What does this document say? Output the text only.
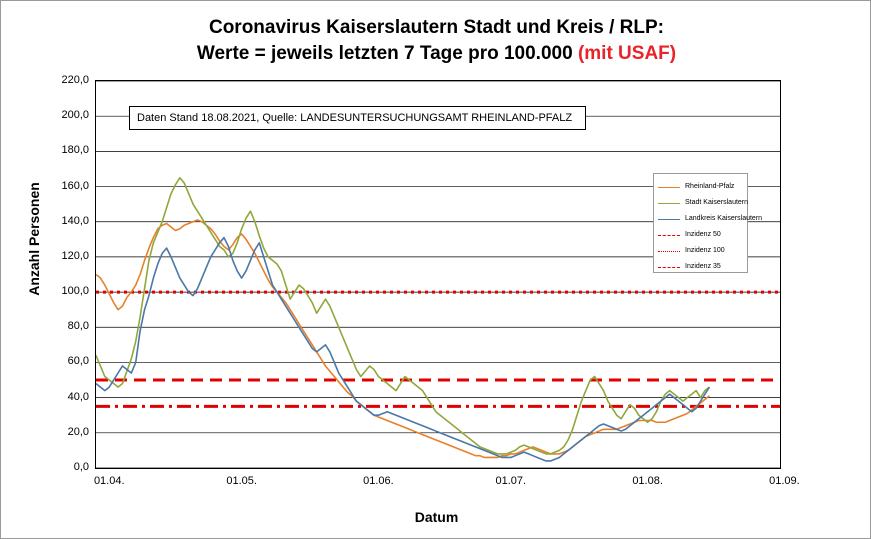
Coronavirus Kaiserslautern Stadt und Kreis / RLP:
Werte = jeweils letzten 7 Tage pro 100.000 (mit USAF)
Anzahl Personen
Datum
Daten Stand 18.08.2021, Quelle: LANDESUNTERSUCHUNGSAMT RHEINLAND-PFALZ
Rheinland-Pfalz
Stadt Kaiserslautern
Landkreis Kaiserslautern
Inzidenz 50
Inzidenz 100
Inzidenz 35
0,0
20,0
40,0
60,0
80,0
100,0
120,0
140,0
160,0
180,0
200,0
220,0
01.04.	01.05.	01.06.	01.07.	01.08.	01.09.
